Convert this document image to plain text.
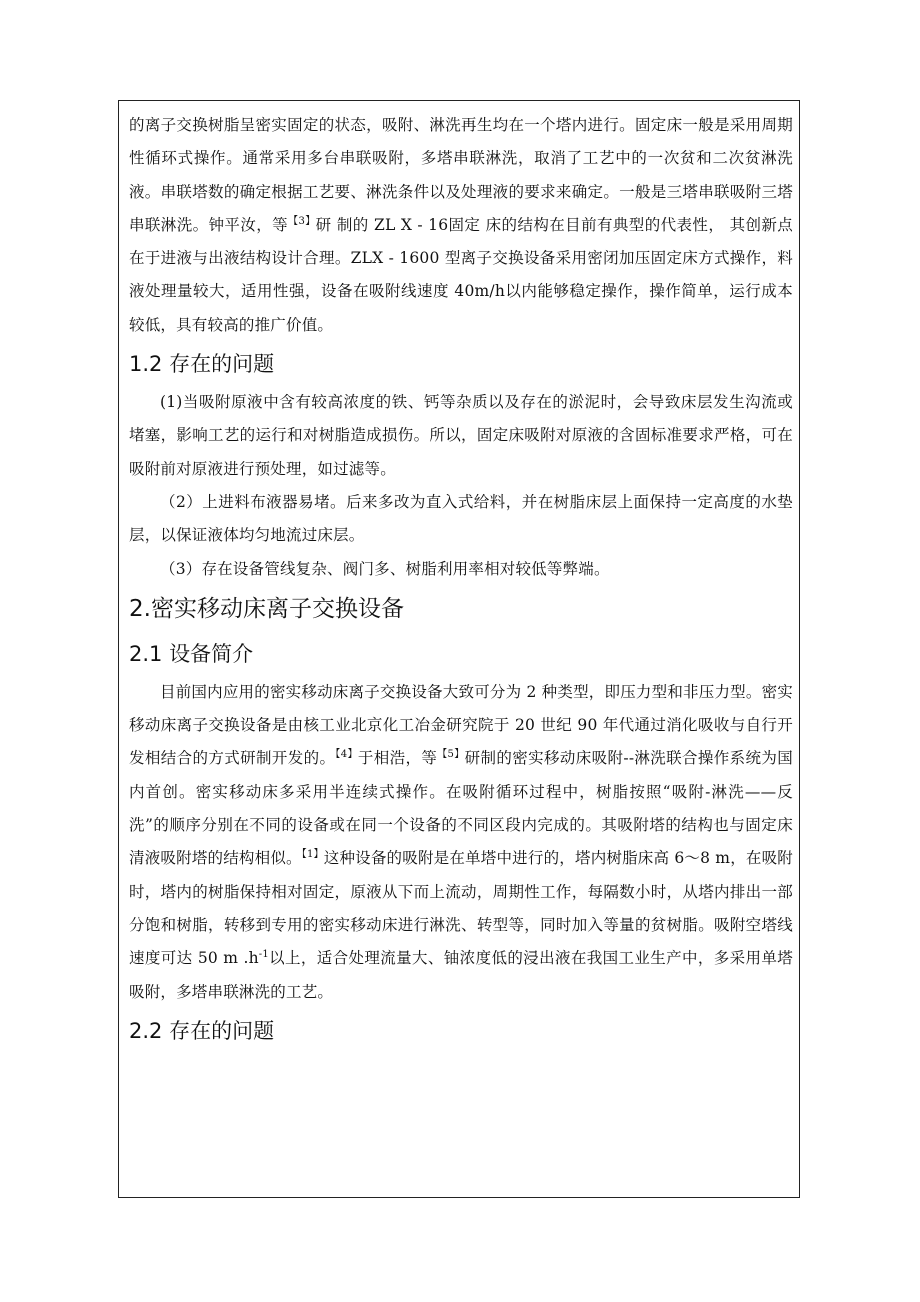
的离子交换树脂呈密实固定的状态，吸附、淋洗再生均在一个塔内进行。固定床一般是采用周期性循环式操作。通常采用多台串联吸附，多塔串联淋洗，取消了工艺中的一次贫和二次贫淋洗液。串联塔数的确定根据工艺要、淋洗条件以及处理液的要求来确定。一般是三塔串联吸附三塔串联淋洗。钟平汝，等$^{【3】}$研 制的 ZL X - 16固定 床的结构在目前有典型的代表性， 其创新点在于进液与出液结构设计合理。ZLX - 1600 型离子交换设备采用密闭加压固定床方式操作，料液处理量较大，适用性强，设备在吸附线速度 40m/h以内能够稳定操作，操作简单，运行成本较低，具有较高的推广价值。

1.2 存在的问题

(1)当吸附原液中含有较高浓度的铁、钙等杂质以及存在的淤泥时，会导致床层发生沟流或堵塞，影响工艺的运行和对树脂造成损伤。所以，固定床吸附对原液的含固标准要求严格，可在吸附前对原液进行预处理，如过滤等。

（2）上进料布液器易堵。后来多改为直入式给料，并在树脂床层上面保持一定高度的水垫层，以保证液体均匀地流过床层。

（3）存在设备管线复杂、阀门多、树脂利用率相对较低等弊端。

2.密实移动床离子交换设备
2.1 设备简介

目前国内应用的密实移动床离子交换设备大致可分为 2 种类型，即压力型和非压力型。密实移动床离子交换设备是由核工业北京化工冶金研究院于 20 世纪 90 年代通过消化吸收与自行开发相结合的方式研制开发的。$^{【4】}$于相浩，等$^{【5】}$研制的密实移动床吸附--淋洗联合操作系统为国内首创。密实移动床多采用半连续式操作。在吸附循环过程中，树脂按照“吸附-淋洗——反洗”的顺序分别在不同的设备或在同一个设备的不同区段内完成的。其吸附塔的结构也与固定床清液吸附塔的结构相似。$^{【1】}$这种设备的吸附是在单塔中进行的，塔内树脂床高 6～8 m，在吸附时，塔内的树脂保持相对固定，原液从下而上流动，周期性工作，每隔数小时，从塔内排出一部分饱和树脂，转移到专用的密实移动床进行淋洗、转型等，同时加入等量的贫树脂。吸附空塔线速度可达 50 m .h$^{-1}$以上，适合处理流量大、铀浓度低的浸出液在我国工业生产中，多采用单塔吸附，多塔串联淋洗的工艺。

2.2 存在的问题
